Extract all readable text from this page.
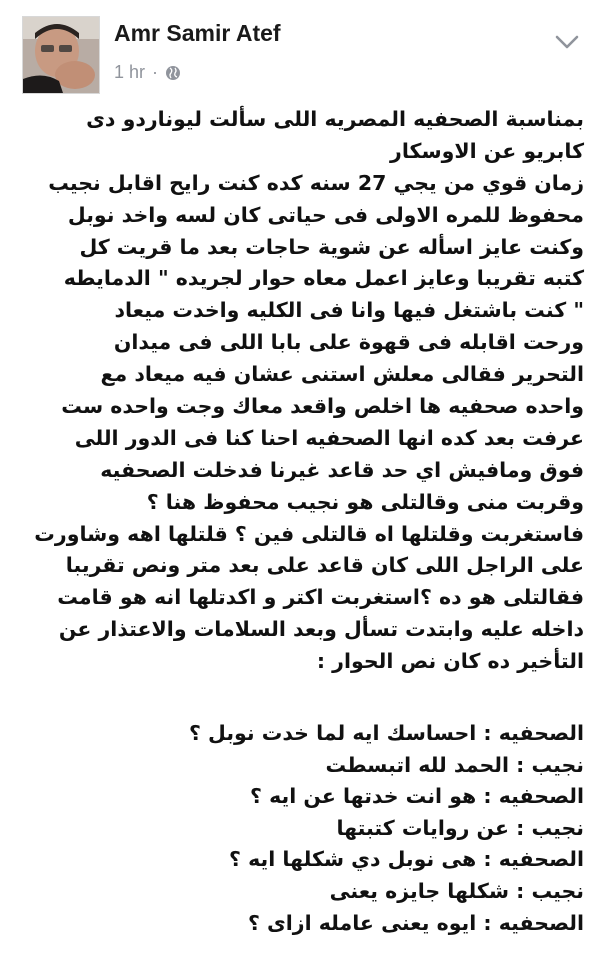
Amr Samir Atef
1 hr ·
بمناسبة الصحفيه المصريه اللى سألت ليوناردو دى
كابريو عن الاوسكار
زمان قوي من يجي 27 سنه كده كنت رايح اقابل نجيب
محفوظ للمره الاولى فى حياتى كان لسه واخد نوبل
وكنت عايز اسأله عن شوية حاجات بعد ما قريت كل
كتبه تقريبا وعايز اعمل معاه حوار لجريده " الدمايطه
" كنت باشتغل فيها وانا فى الكليه واخدت ميعاد
ورحت اقابله فى قهوة على بابا اللى فى ميدان
التحرير فقالى معلش استنى عشان فيه ميعاد مع
واحده صحفيه ها اخلص واقعد معاك وجت واحده ست
عرفت بعد كده انها الصحفيه احنا كنا فى الدور اللى
فوق ومافيش اي حد قاعد غيرنا فدخلت الصحفيه
وقربت منى وقالتلى هو نجيب محفوظ هنا ؟
فاستغربت وقلتلها اه قالتلى فين ؟ قلتلها اهه وشاورت
على الراجل اللى كان قاعد على بعد متر ونص تقريبا
فقالتلى هو ده ؟استغربت اكتر و اكدتلها انه هو قامت
داخله عليه وابتدت تسأل وبعد السلامات والاعتذار عن
التأخير ده كان نص الحوار :
الصحفيه : احساسك ايه لما خدت نوبل ؟
نجيب : الحمد لله اتبسطت
الصحفيه : هو انت خدتها عن ايه ؟
نجيب : عن روايات كتبتها
الصحفيه : هى نوبل دي شكلها ايه ؟
نجيب : شكلها جايزه يعنى
الصحفيه : ايوه يعنى عامله ازاى ؟
